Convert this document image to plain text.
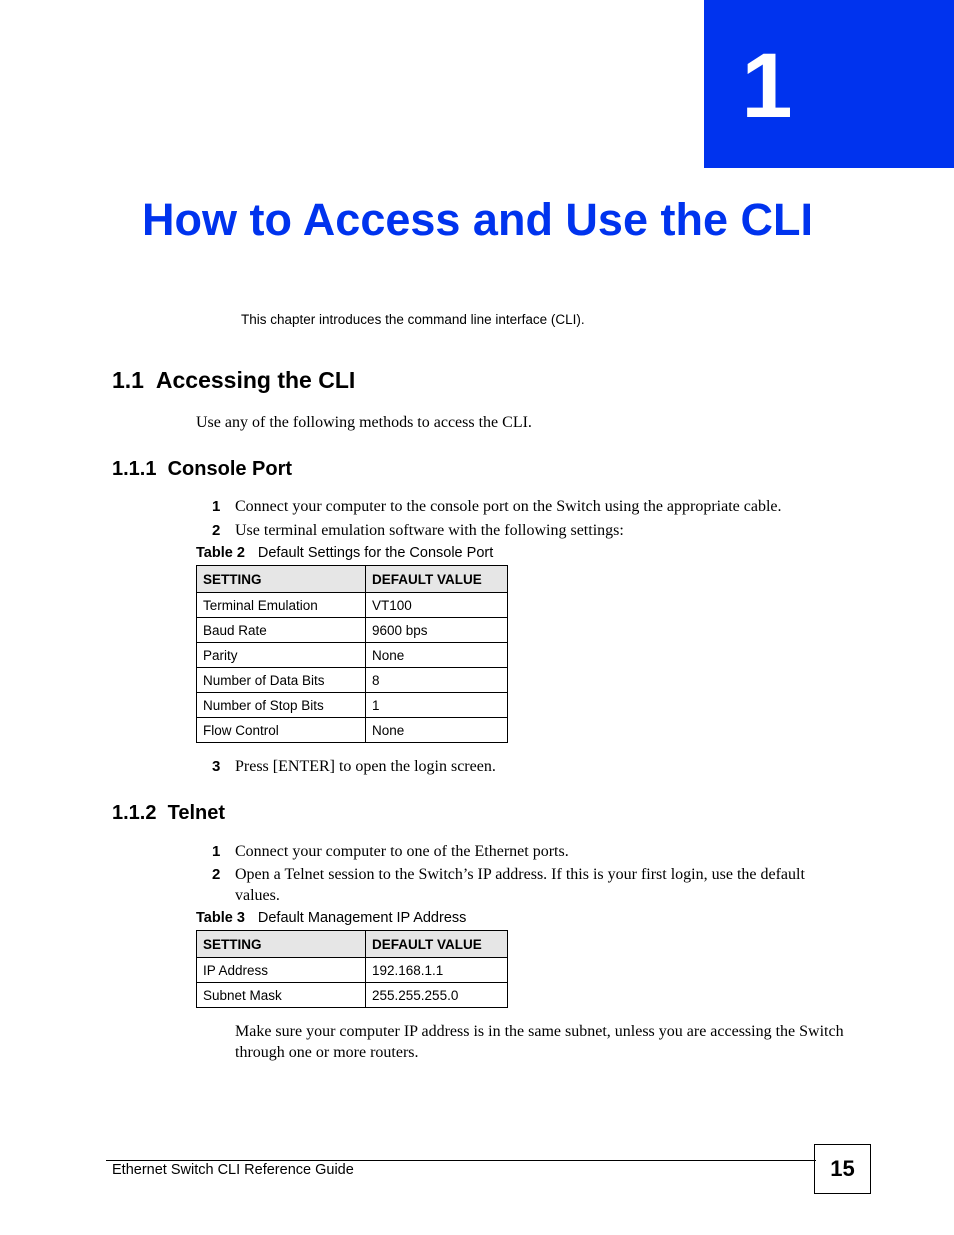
1
How to Access and Use the CLI
This chapter introduces the command line interface (CLI).
1.1  Accessing the CLI
Use any of the following methods to access the CLI.
1.1.1  Console Port
1 Connect your computer to the console port on the Switch using the appropriate cable.
2 Use terminal emulation software with the following settings:
Table 2 Default Settings for the Console Port
SETTING	DEFAULT VALUE
Terminal Emulation	VT100
Baud Rate	9600 bps
Parity	None
Number of Data Bits	8
Number of Stop Bits	1
Flow Control	None
3 Press [ENTER] to open the login screen.
1.1.2  Telnet
1 Connect your computer to one of the Ethernet ports.
2 Open a Telnet session to the Switch’s IP address. If this is your first login, use the default values.
Table 3 Default Management IP Address
SETTING	DEFAULT VALUE
IP Address	192.168.1.1
Subnet Mask	255.255.255.0
Make sure your computer IP address is in the same subnet, unless you are accessing the Switch through one or more routers.
Ethernet Switch CLI Reference Guide	15
